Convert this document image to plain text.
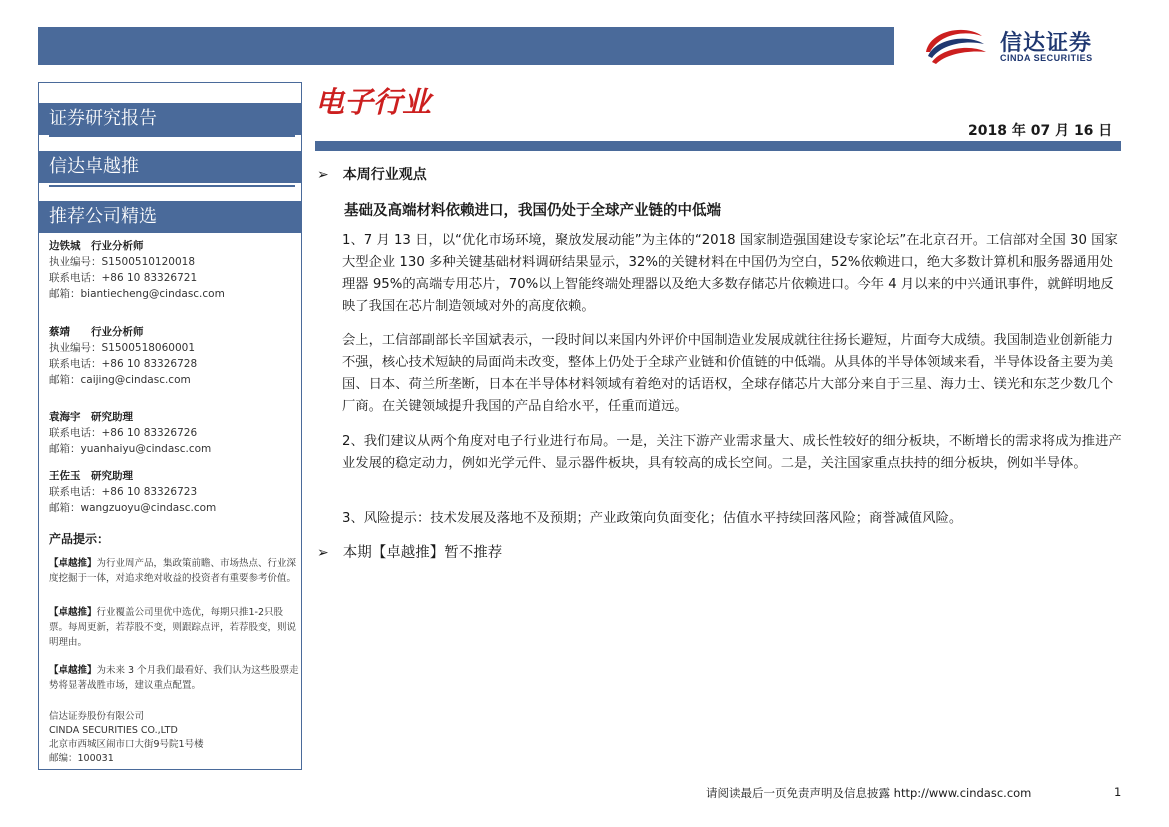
信达证券
CINDA SECURITIES
证券研究报告
信达卓越推
推荐公司精选
边铁城　行业分析师
执业编号：S1500510120018
联系电话：+86 10 83326721
邮箱：biantiecheng@cindasc.com
蔡靖　　行业分析师
执业编号：S1500518060001
联系电话：+86 10 83326728
邮箱：caijing@cindasc.com
袁海宇　研究助理
联系电话：+86 10 83326726
邮箱：yuanhaiyu@cindasc.com
王佐玉　研究助理
联系电话：+86 10 83326723
邮箱：wangzuoyu@cindasc.com
产品提示：
【卓越推】为行业周产品，集政策前瞻、市场热点、行业深度挖掘于一体，对追求绝对收益的投资者有重要参考价值。
【卓越推】行业覆盖公司里优中选优，每期只推1-2只股票。每周更新，若荐股不变，则跟踪点评，若荐股变，则说明理由。
【卓越推】为未来 3 个月我们最看好、我们认为这些股票走势将显著战胜市场，建议重点配置。
信达证券股份有限公司
CINDA SECURITIES CO.,LTD
北京市西城区闹市口大街9号院1号楼
邮编：100031
电子行业
2018 年 07 月 16 日
➢ 本周行业观点
基础及高端材料依赖进口，我国仍处于全球产业链的中低端

1、7 月 13 日，以“优化市场环境，聚放发展动能”为主体的“2018 国家制造强国建设专家论坛”在北京召开。工信部对全国 30 国家大型企业 130 多种关键基础材料调研结果显示，32%的关键材料在中国仍为空白，52%依赖进口，绝大多数计算机和服务器通用处理器 95%的高端专用芯片，70%以上智能终端处理器以及绝大多数存储芯片依赖进口。今年 4 月以来的中兴通讯事件，就鲜明地反映了我国在芯片制造领域对外的高度依赖。

会上，工信部副部长辛国斌表示，一段时间以来国内外评价中国制造业发展成就往往扬长避短，片面夸大成绩。我国制造业创新能力不强，核心技术短缺的局面尚未改变，整体上仍处于全球产业链和价值链的中低端。从具体的半导体领域来看，半导体设备主要为美国、日本、荷兰所垄断，日本在半导体材料领域有着绝对的话语权，全球存储芯片大部分来自于三星、海力士、镁光和东芝少数几个厂商。在关键领域提升我国的产品自给水平，任重而道远。

2、我们建议从两个角度对电子行业进行布局。一是，关注下游产业需求量大、成长性较好的细分板块，不断增长的需求将成为推进产业发展的稳定动力，例如光学元件、显示器件板块，具有较高的成长空间。二是，关注国家重点扶持的细分板块，例如半导体。

3、风险提示：技术发展及落地不及预期；产业政策向负面变化；估值水平持续回落风险；商誉减值风险。

➢ 本期【卓越推】暂不推荐
请阅读最后一页免责声明及信息披露 http://www.cindasc.com	1
